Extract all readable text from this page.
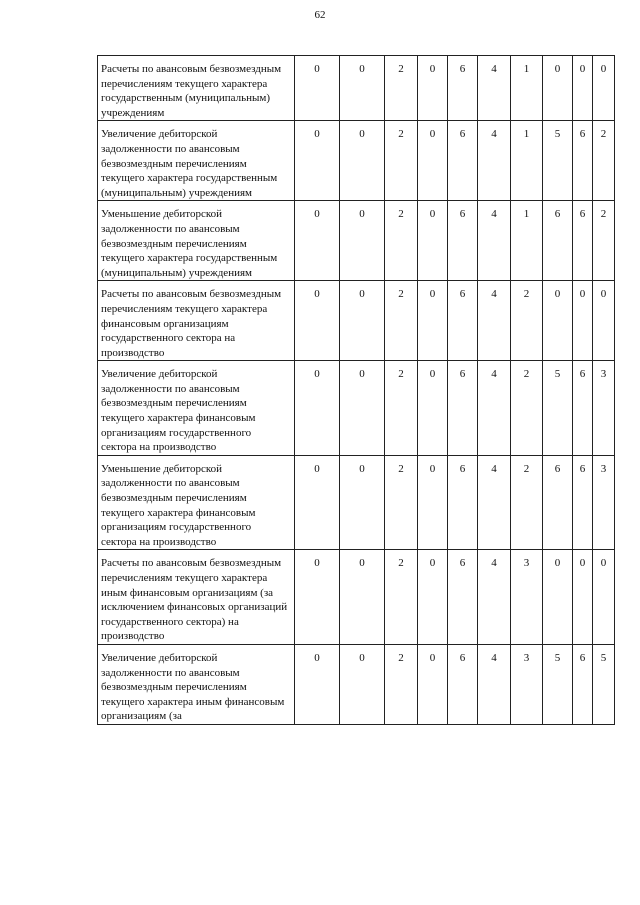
62
Расчеты по авансовым безвозмездным перечислениям текущего характера государственным (муниципальным) учреждениям	0	0	2	0	6	4	1	0	0	0
Увеличение дебиторской задолженности по авансовым безвозмездным перечислениям текущего характера государственным (муниципальным) учреждениям	0	0	2	0	6	4	1	5	6	2
Уменьшение дебиторской задолженности по авансовым безвозмездным перечислениям текущего характера государственным (муниципальным) учреждениям	0	0	2	0	6	4	1	6	6	2
Расчеты по авансовым безвозмездным перечислениям текущего характера финансовым организациям государственного сектора на производство	0	0	2	0	6	4	2	0	0	0
Увеличение дебиторской задолженности по авансовым безвозмездным перечислениям текущего характера финансовым организациям государственного сектора на производство	0	0	2	0	6	4	2	5	6	3
Уменьшение дебиторской задолженности по авансовым безвозмездным перечислениям текущего характера финансовым организациям государственного сектора на производство	0	0	2	0	6	4	2	6	6	3
Расчеты по авансовым безвозмездным перечислениям текущего характера иным финансовым организациям (за исключением финансовых организаций государственного сектора) на производство	0	0	2	0	6	4	3	0	0	0
Увеличение дебиторской задолженности по авансовым безвозмездным перечислениям текущего характера иным финансовым организациям (за	0	0	2	0	6	4	3	5	6	5
